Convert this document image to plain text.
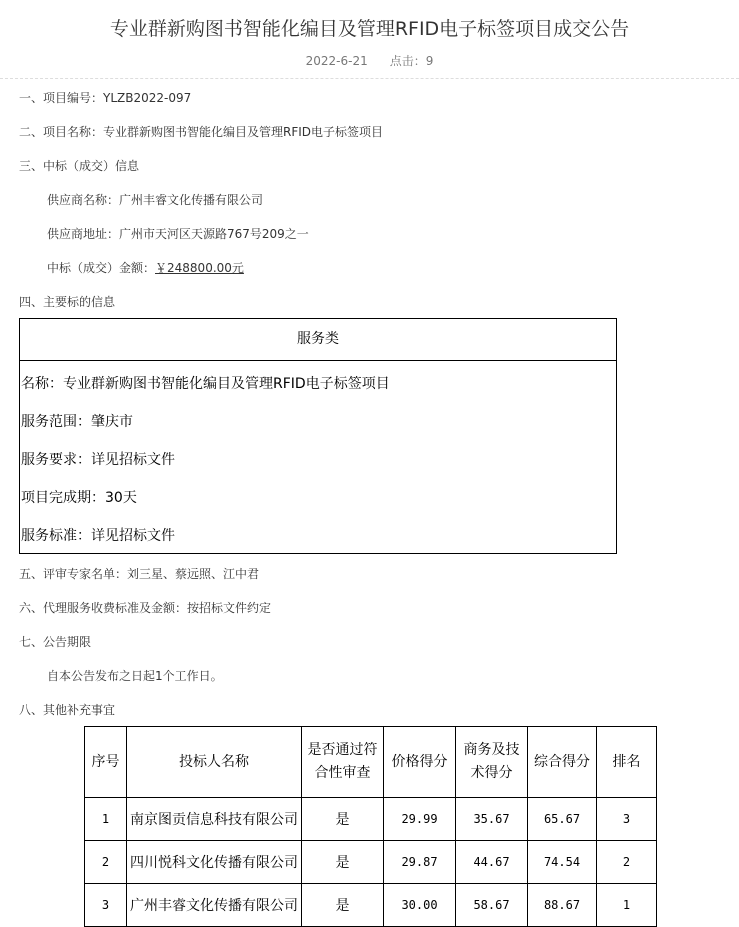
专业群新购图书智能化编目及管理RFID电子标签项目成交公告
2022-6-21 点击：9
一、项目编号：YLZB2022-097
二、项目名称：专业群新购图书智能化编目及管理RFID电子标签项目
三、中标（成交）信息
供应商名称：广州丰睿文化传播有限公司
供应商地址：广州市天河区天源路767号209之一
中标（成交）金额：￥248800.00元
四、主要标的信息
服务类
名称：专业群新购图书智能化编目及管理RFID电子标签项目
服务范围：肇庆市
服务要求：详见招标文件
项目完成期：30天
服务标准：详见招标文件
五、评审专家名单：刘三星、蔡远照、江中君
六、代理服务收费标准及金额：按招标文件约定
七、公告期限
自本公告发布之日起1个工作日。
八、其他补充事宜
序号	投标人名称	是否通过符合性审查	价格得分	商务及技术得分	综合得分	排名
1	南京图贡信息科技有限公司	是	29.99	35.67	65.67	3
2	四川悦科文化传播有限公司	是	29.87	44.67	74.54	2
3	广州丰睿文化传播有限公司	是	30.00	58.67	88.67	1
